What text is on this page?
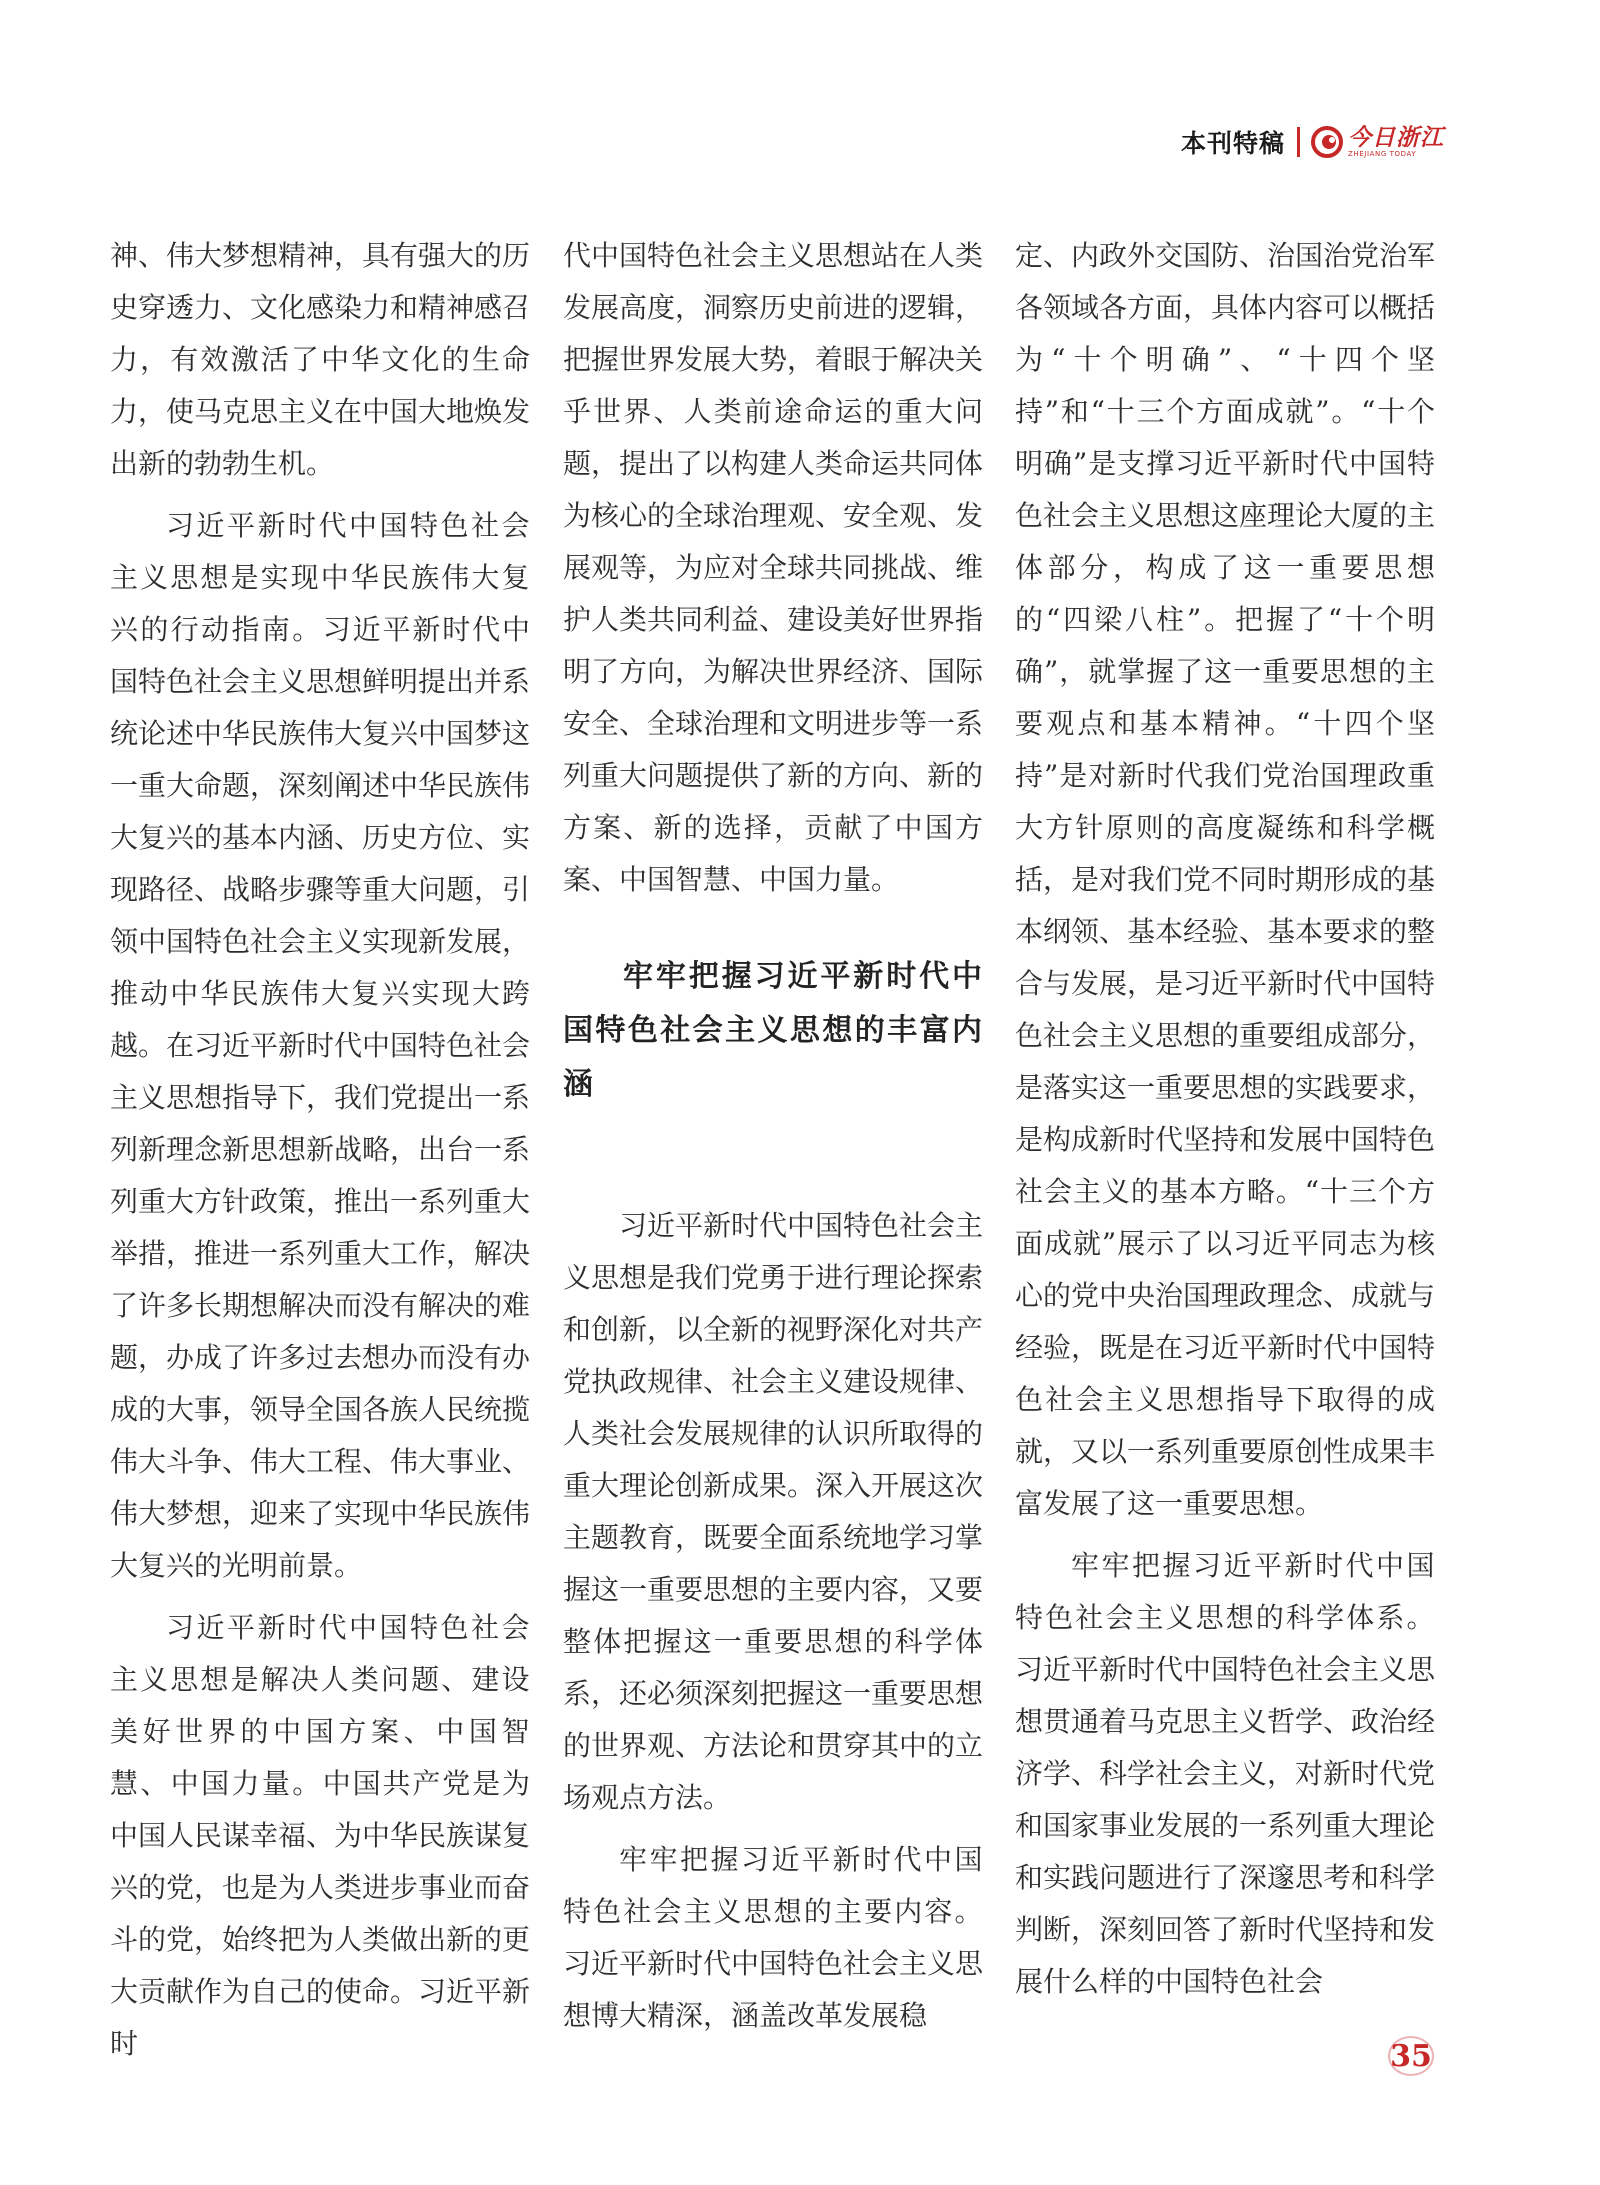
本刊特稿	今日浙江
ZHEJIANG TODAY

神、伟大梦想精神，具有强大的历史穿透力、文化感染力和精神感召力，有效激活了中华文化的生命力，使马克思主义在中国大地焕发出新的勃勃生机。

习近平新时代中国特色社会主义思想是实现中华民族伟大复兴的行动指南。习近平新时代中国特色社会主义思想鲜明提出并系统论述中华民族伟大复兴中国梦这一重大命题，深刻阐述中华民族伟大复兴的基本内涵、历史方位、实现路径、战略步骤等重大问题，引领中国特色社会主义实现新发展，推动中华民族伟大复兴实现大跨越。在习近平新时代中国特色社会主义思想指导下，我们党提出一系列新理念新思想新战略，出台一系列重大方针政策，推出一系列重大举措，推进一系列重大工作，解决了许多长期想解决而没有解决的难题，办成了许多过去想办而没有办成的大事，领导全国各族人民统揽伟大斗争、伟大工程、伟大事业、伟大梦想，迎来了实现中华民族伟大复兴的光明前景。

习近平新时代中国特色社会主义思想是解决人类问题、建设美好世界的中国方案、中国智慧、中国力量。中国共产党是为中国人民谋幸福、为中华民族谋复兴的党，也是为人类进步事业而奋斗的党，始终把为人类做出新的更大贡献作为自己的使命。习近平新时

代中国特色社会主义思想站在人类发展高度，洞察历史前进的逻辑，把握世界发展大势，着眼于解决关乎世界、人类前途命运的重大问题，提出了以构建人类命运共同体为核心的全球治理观、安全观、发展观等，为应对全球共同挑战、维护人类共同利益、建设美好世界指明了方向，为解决世界经济、国际安全、全球治理和文明进步等一系列重大问题提供了新的方向、新的方案、新的选择，贡献了中国方案、中国智慧、中国力量。

牢牢把握习近平新时代中国特色社会主义思想的丰富内涵

习近平新时代中国特色社会主义思想是我们党勇于进行理论探索和创新，以全新的视野深化对共产党执政规律、社会主义建设规律、人类社会发展规律的认识所取得的重大理论创新成果。深入开展这次主题教育，既要全面系统地学习掌握这一重要思想的主要内容，又要整体把握这一重要思想的科学体系，还必须深刻把握这一重要思想的世界观、方法论和贯穿其中的立场观点方法。

牢牢把握习近平新时代中国特色社会主义思想的主要内容。习近平新时代中国特色社会主义思想博大精深，涵盖改革发展稳

定、内政外交国防、治国治党治军各领域各方面，具体内容可以概括为“十个明确”、“十四个坚持”和“十三个方面成就”。“十个明确”是支撑习近平新时代中国特色社会主义思想这座理论大厦的主体部分，构成了这一重要思想的“四梁八柱”。把握了“十个明确”，就掌握了这一重要思想的主要观点和基本精神。“十四个坚持”是对新时代我们党治国理政重大方针原则的高度凝练和科学概括，是对我们党不同时期形成的基本纲领、基本经验、基本要求的整合与发展，是习近平新时代中国特色社会主义思想的重要组成部分，是落实这一重要思想的实践要求，是构成新时代坚持和发展中国特色社会主义的基本方略。“十三个方面成就”展示了以习近平同志为核心的党中央治国理政理念、成就与经验，既是在习近平新时代中国特色社会主义思想指导下取得的成就，又以一系列重要原创性成果丰富发展了这一重要思想。

牢牢把握习近平新时代中国特色社会主义思想的科学体系。习近平新时代中国特色社会主义思想贯通着马克思主义哲学、政治经济学、科学社会主义，对新时代党和国家事业发展的一系列重大理论和实践问题进行了深邃思考和科学判断，深刻回答了新时代坚持和发展什么样的中国特色社会

35
